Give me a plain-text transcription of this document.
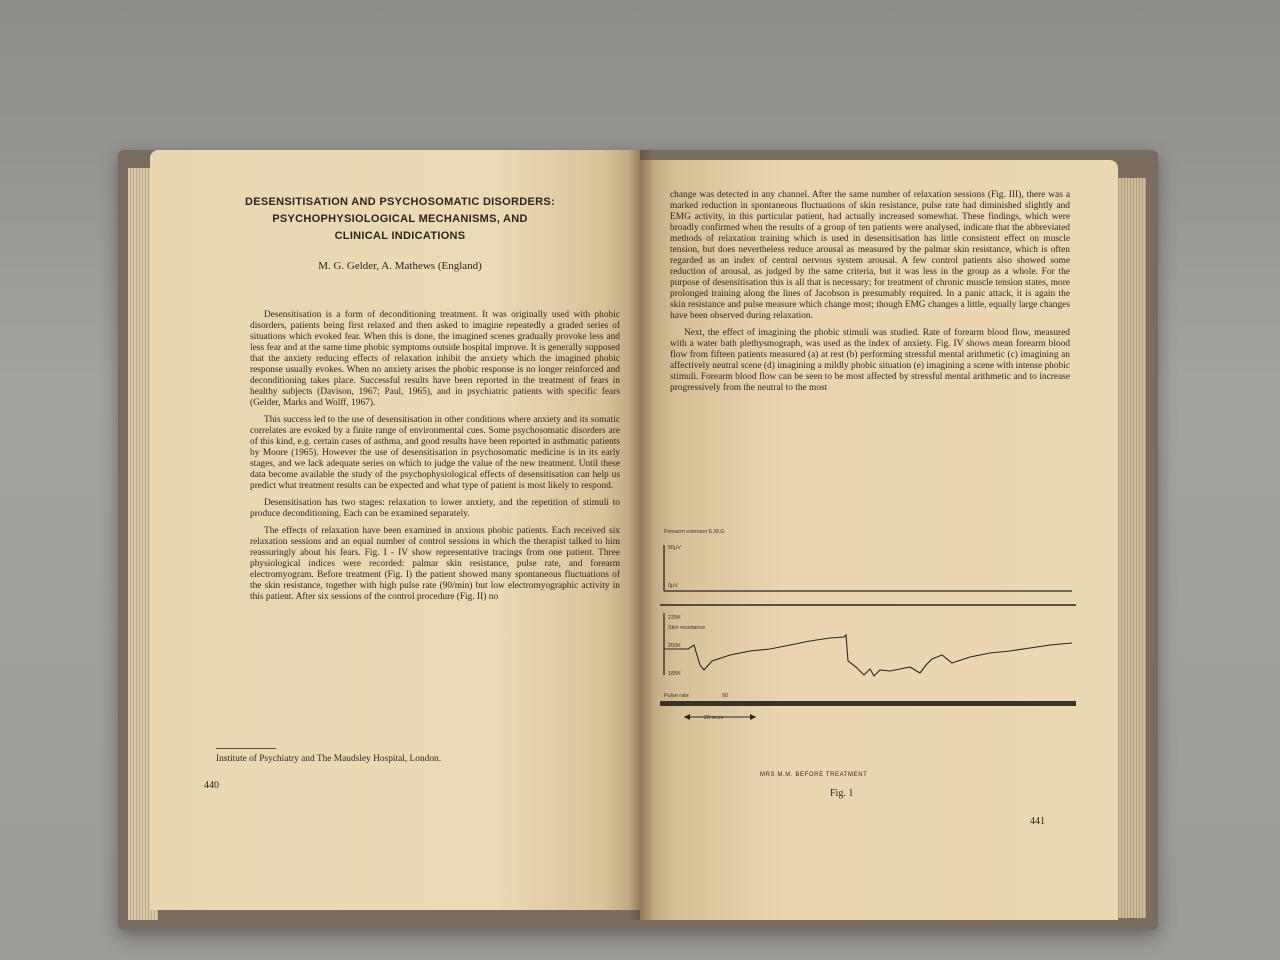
DESENSITISATION AND PSYCHOSOMATIC DISORDERS:
PSYCHOPHYSIOLOGICAL MECHANISMS, AND
CLINICAL INDICATIONS
M. G. Gelder, A. Mathews (England)

Desensitisation is a form of deconditioning treatment. It was originally used with phobic disorders, patients being first relaxed and then asked to imagine repeatedly a graded series of situations which evoked fear. When this is done, the imagined scenes gradually provoke less and less fear and at the same time phobic symptoms outside hospital improve. It is generally supposed that the anxiety reducing effects of relaxation inhibit the anxiety which the imagined phobic response usually evokes. When no anxiety arises the phobic response is no longer reinforced and deconditioning takes place. Successful results have been reported in the treatment of fears in healthy subjects (Davison, 1967; Paul, 1965), and in psychiatric patients with specific fears (Gelder, Marks and Wolff, 1967).

This success led to the use of desensitisation in other conditions where anxiety and its somatic correlates are evoked by a finite range of environmental cues. Some psychosomatic disorders are of this kind, e.g. certain cases of asthma, and good results have been reported in asthmatic patients by Moore (1965). However the use of desensitisation in psychosomatic medicine is in its early stages, and we lack adequate series on which to judge the value of the new treatment. Until these data become available the study of the psychophysiological effects of desensitisation can help us predict what treatment results can be expected and what type of patient is most likely to respond.

Desensitisation has two stages: relaxation to lower anxiety, and the repetition of stimuli to produce deconditioning. Each can be examined separately.

The effects of relaxation have been examined in anxious phobic patients. Each received six relaxation sessions and an equal number of control sessions in which the therapist talked to him reassuringly about his fears. Fig. I - IV show representative tracings from one patient. Three physiological indices were recorded: palmar skin resistance, pulse rate, and forearm electromyogram. Before treatment (Fig. I) the patient showed many spontaneous fluctuations of the skin resistance, together with high pulse rate (90/min) but low electromyographic activity in this patient. After six sessions of the control procedure (Fig. II) no

Institute of Psychiatry and The Maudsley Hospital, London.
440

change was detected in any channel. After the same number of relaxation sessions (Fig. III), there was a marked reduction in spontaneous fluctuations of skin resistance, pulse rate had diminished slightly and EMG activity, in this particular patient, had actually increased somewhat. These findings, which were broadly confirmed when the results of a group of ten patients were analysed, indicate that the abbreviated methods of relaxation training which is used in desensitisation has little consistent effect on muscle tension, but does nevertheless reduce arousal as measured by the palmar skin resistance, which is often regarded as an index of central nervous system arousal. A few control patients also showed some reduction of arousal, as judged by the same criteria, but it was less in the group as a whole. For the purpose of desensitisation this is all that is necessary; for treatment of chronic muscle tension states, more prolonged training along the lines of Jacobson is presumably required. In a panic attack, it is again the skin resistance and pulse measure which change most; though EMG changes a little, equally large changes have been observed during relaxation.

Next, the effect of imagining the phobic stimuli was studied. Rate of forearm blood flow, measured with a water bath plethysmograph, was used as the index of anxiety. Fig. IV shows mean forearm blood flow from fifteen patients measured (a) at rest (b) performing stressful mental arithmetic (c) imagining an affectively neutral scene (d) imagining a mildly phobic situation (e) imagining a scene with intense phobic stimuli. Forearm blood flow can be seen to be most affected by stressful mental arithmetic and to increase progressively from the neutral to the most

Forearm extensor E.M.G
50μV
0μV
225K
Skin resistance
200K
185K
Pulse rate	90
20 secs
MRS M.M. BEFORE TREATMENT
Fig. 1
441
